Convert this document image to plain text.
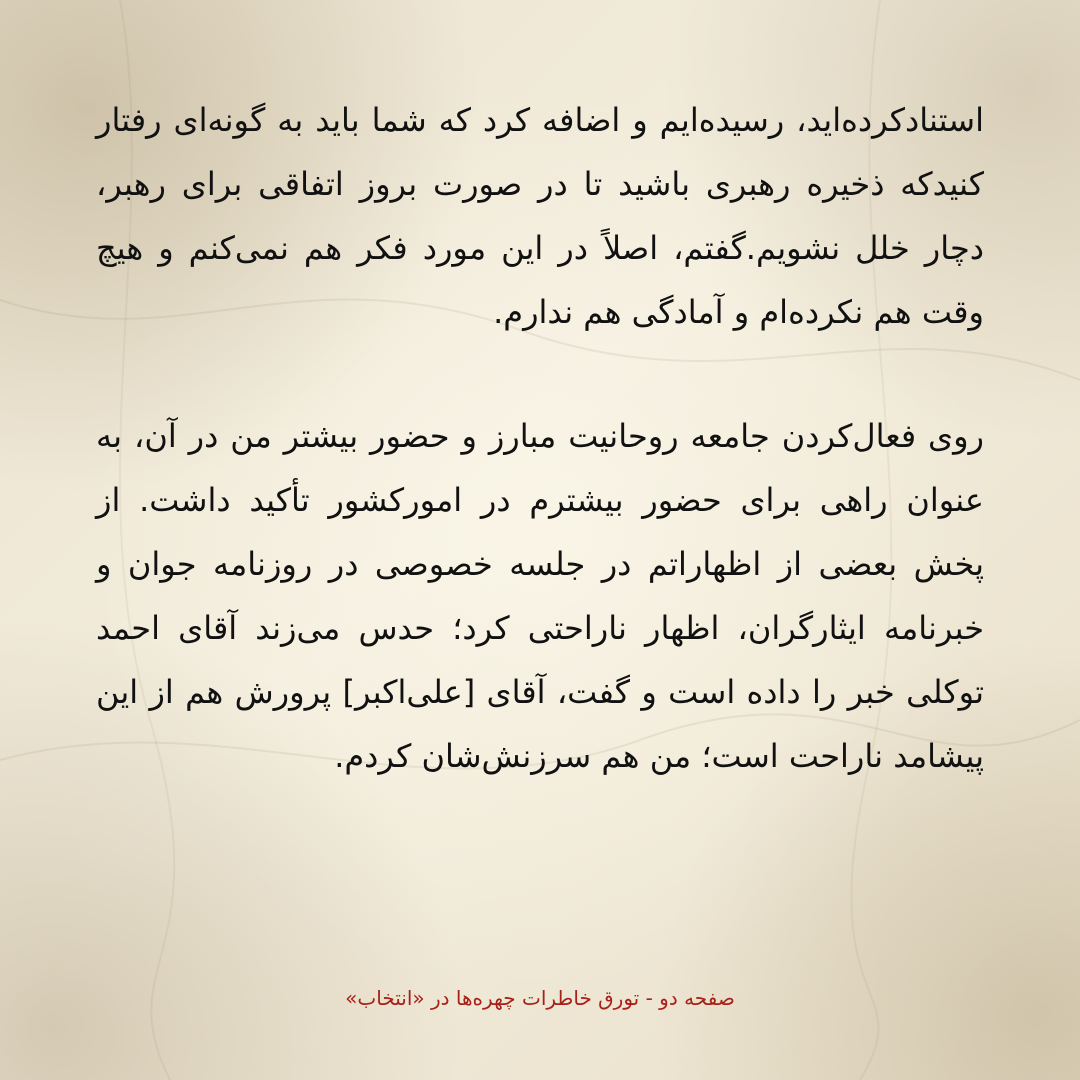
استنادکرده‌اید، رسیده‌ایم و اضافه کرد که شما باید به گونه‌ای رفتار کنیدکه ذخیره رهبری باشید تا در صورت بروز اتفاقی برای رهبر، دچار خلل نشویم.گفتم، اصلاً در این مورد فکر هم نمی‌کنم و هیچ وقت هم نکرده‌ام و آمادگی هم ندارم.

روی فعال‌کردن جامعه روحانیت مبارز و حضور بیشتر من در آن، به عنوان راهی برای حضور بیشترم در اموركشور تأكید داشت. از پخش بعضی از اظهاراتم در جلسه خصوصی در روزنامه جوان و خبرنامه ایثارگران، اظهار ناراحتی کرد؛ حدس می‌زند آقای احمد توکلی خبر را داده است و گفت، آقای [علی‌اکبر] پرورش هم از این پیشامد ناراحت است؛ من هم سرزنش‌شان کردم.

صفحه دو - تورق خاطرات چهره‌ها در «انتخاب»
